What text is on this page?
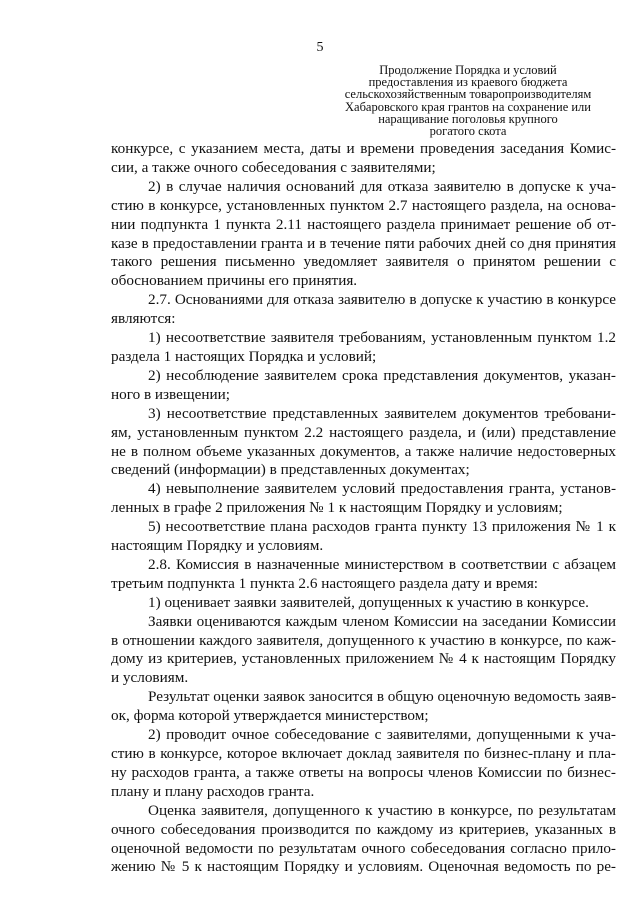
5
Продолжение Порядка и условий
предоставления из краевого бюджета
сельскохозяйственным товаропроизводителям
Хабаровского края грантов на сохранение или
наращивание поголовья крупного
рогатого скота
конкурсе, с указанием места, даты и времени проведения заседания Комис-
сии, а также очного собеседования с заявителями;
2) в случае наличия оснований для отказа заявителю в допуске к уча-
стию в конкурсе, установленных пунктом 2.7 настоящего раздела, на основа-
нии подпункта 1 пункта 2.11 настоящего раздела принимает решение об от-
казе в предоставлении гранта и в течение пяти рабочих дней со дня принятия
такого решения письменно уведомляет заявителя о принятом решении с
обоснованием причины его принятия.
2.7. Основаниями для отказа заявителю в допуске к участию в конкурсе
являются:
1) несоответствие заявителя требованиям, установленным пунктом 1.2
раздела 1 настоящих Порядка и условий;
2) несоблюдение заявителем срока представления документов, указан-
ного в извещении;
3) несоответствие представленных заявителем документов требовани-
ям, установленным пунктом 2.2 настоящего раздела, и (или) представление
не в полном объеме указанных документов, а также наличие недостоверных
сведений (информации) в представленных документах;
4) невыполнение заявителем условий предоставления гранта, установ-
ленных в графе 2 приложения № 1 к настоящим Порядку и условиям;
5) несоответствие плана расходов гранта пункту 13 приложения № 1 к
настоящим Порядку и условиям.
2.8. Комиссия в назначенные министерством в соответствии с абзацем
третьим подпункта 1 пункта 2.6 настоящего раздела дату и время:
1) оценивает заявки заявителей, допущенных к участию в конкурсе.
Заявки оцениваются каждым членом Комиссии на заседании Комиссии
в отношении каждого заявителя, допущенного к участию в конкурсе, по каж-
дому из критериев, установленных приложением № 4 к настоящим Порядку
и условиям.
Результат оценки заявок заносится в общую оценочную ведомость заяв-
ок, форма которой утверждается министерством;
2) проводит очное собеседование с заявителями, допущенными к уча-
стию в конкурсе, которое включает доклад заявителя по бизнес-плану и пла-
ну расходов гранта, а также ответы на вопросы членов Комиссии по бизнес-
плану и плану расходов гранта.
Оценка заявителя, допущенного к участию в конкурсе, по результатам
очного собеседования производится по каждому из критериев, указанных в
оценочной ведомости по результатам очного собеседования согласно прило-
жению № 5 к настоящим Порядку и условиям. Оценочная ведомость по ре-
